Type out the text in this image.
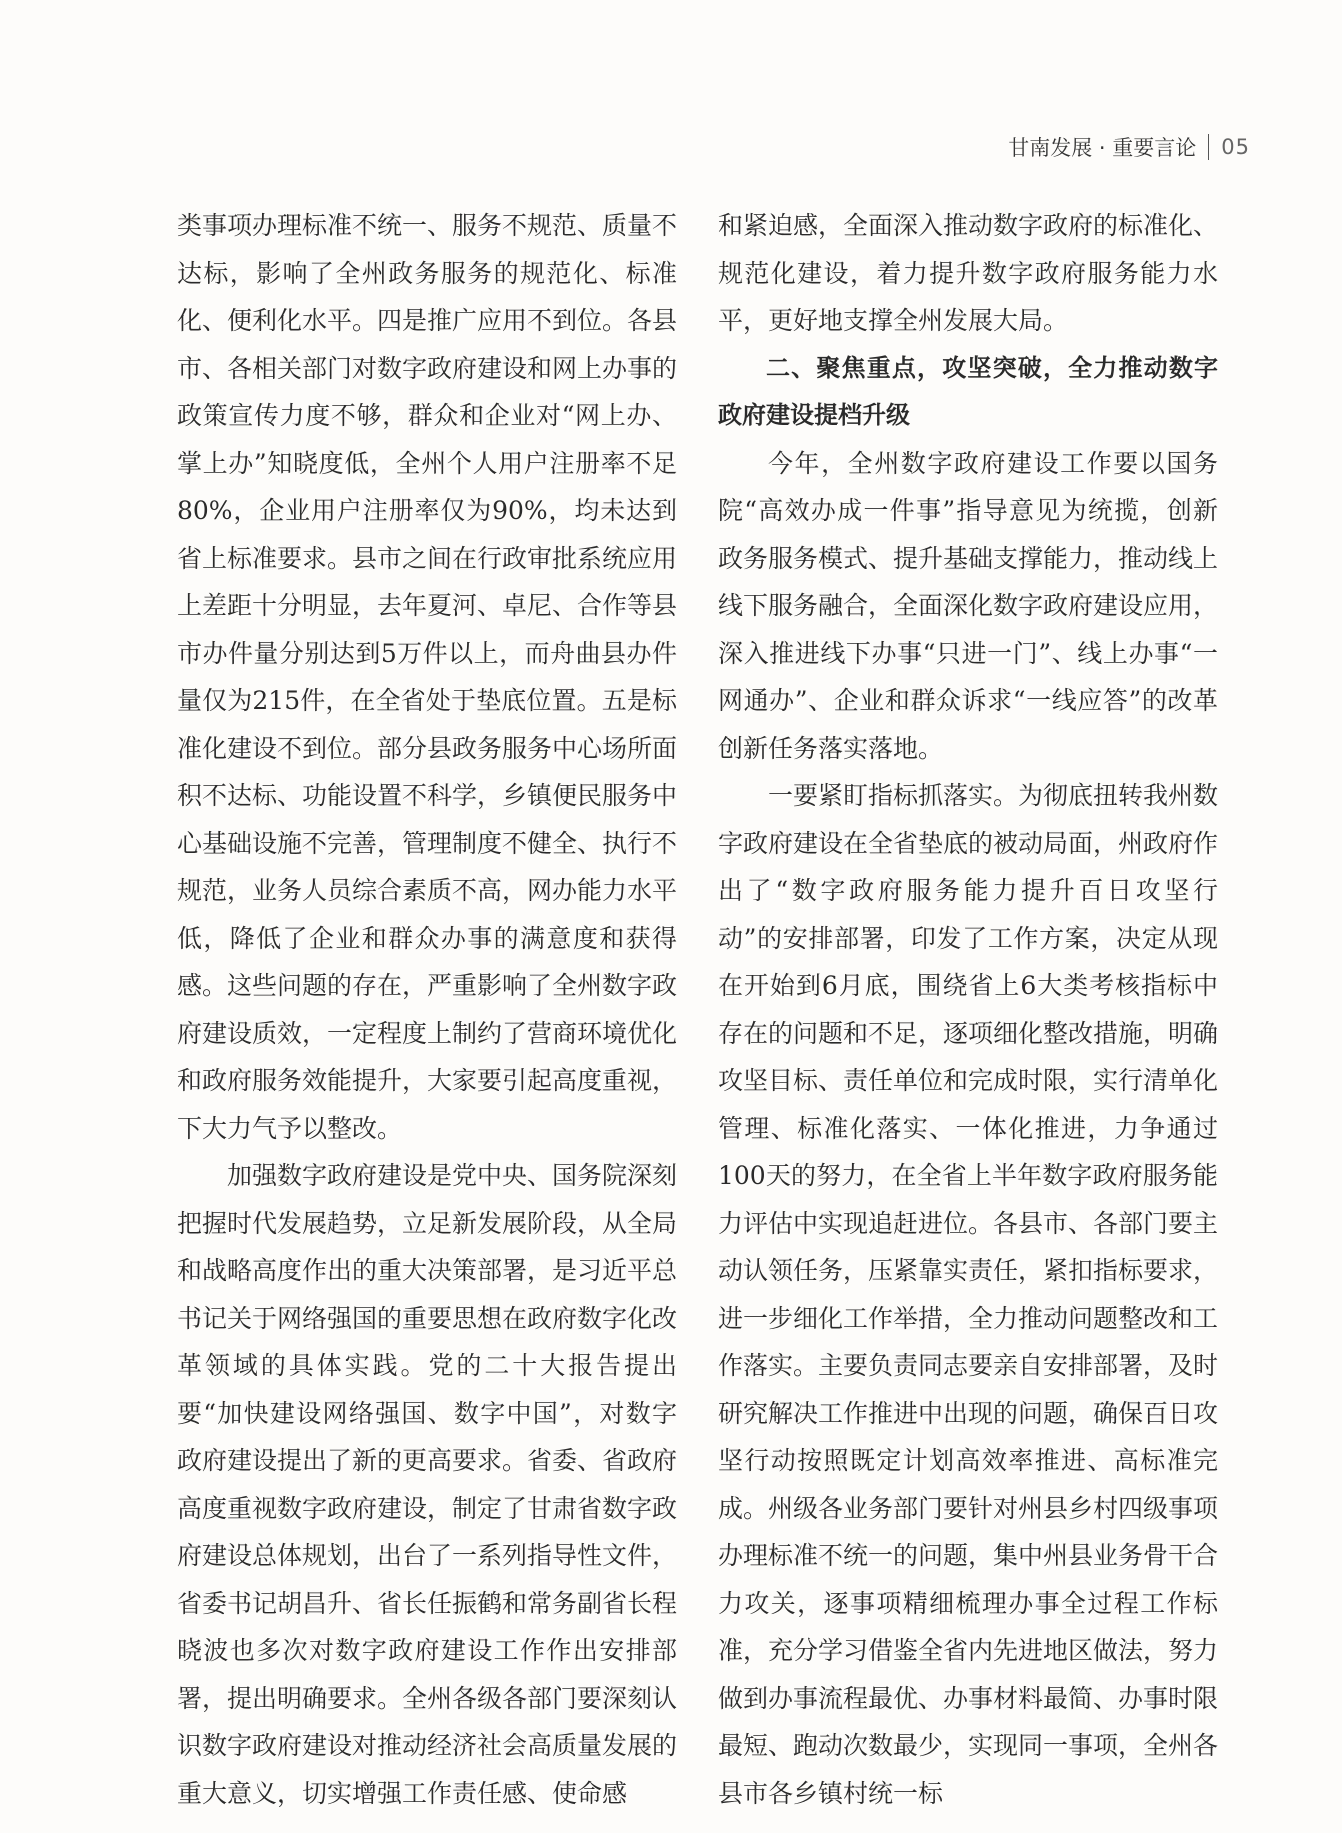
甘南发展 · 重要言论 05

类事项办理标准不统一、服务不规范、质量不达标，影响了全州政务服务的规范化、标准化、便利化水平。四是推广应用不到位。各县市、各相关部门对数字政府建设和网上办事的政策宣传力度不够，群众和企业对“网上办、掌上办”知晓度低，全州个人用户注册率不足80%，企业用户注册率仅为90%，均未达到省上标准要求。县市之间在行政审批系统应用上差距十分明显，去年夏河、卓尼、合作等县市办件量分别达到5万件以上，而舟曲县办件量仅为215件，在全省处于垫底位置。五是标准化建设不到位。部分县政务服务中心场所面积不达标、功能设置不科学，乡镇便民服务中心基础设施不完善，管理制度不健全、执行不规范，业务人员综合素质不高，网办能力水平低，降低了企业和群众办事的满意度和获得感。这些问题的存在，严重影响了全州数字政府建设质效，一定程度上制约了营商环境优化和政府服务效能提升，大家要引起高度重视，下大力气予以整改。

加强数字政府建设是党中央、国务院深刻把握时代发展趋势，立足新发展阶段，从全局和战略高度作出的重大决策部署，是习近平总书记关于网络强国的重要思想在政府数字化改革领域的具体实践。党的二十大报告提出要“加快建设网络强国、数字中国”，对数字政府建设提出了新的更高要求。省委、省政府高度重视数字政府建设，制定了甘肃省数字政府建设总体规划，出台了一系列指导性文件，省委书记胡昌升、省长任振鹤和常务副省长程晓波也多次对数字政府建设工作作出安排部署，提出明确要求。全州各级各部门要深刻认识数字政府建设对推动经济社会高质量发展的重大意义，切实增强工作责任感、使命感

和紧迫感，全面深入推动数字政府的标准化、规范化建设，着力提升数字政府服务能力水平，更好地支撑全州发展大局。

二、聚焦重点，攻坚突破，全力推动数字政府建设提档升级

今年，全州数字政府建设工作要以国务院“高效办成一件事”指导意见为统揽，创新政务服务模式、提升基础支撑能力，推动线上线下服务融合，全面深化数字政府建设应用，深入推进线下办事“只进一门”、线上办事“一网通办”、企业和群众诉求“一线应答”的改革创新任务落实落地。

一要紧盯指标抓落实。为彻底扭转我州数字政府建设在全省垫底的被动局面，州政府作出了“数字政府服务能力提升百日攻坚行动”的安排部署，印发了工作方案，决定从现在开始到6月底，围绕省上6大类考核指标中存在的问题和不足，逐项细化整改措施，明确攻坚目标、责任单位和完成时限，实行清单化管理、标准化落实、一体化推进，力争通过100天的努力，在全省上半年数字政府服务能力评估中实现追赶进位。各县市、各部门要主动认领任务，压紧靠实责任，紧扣指标要求，进一步细化工作举措，全力推动问题整改和工作落实。主要负责同志要亲自安排部署，及时研究解决工作推进中出现的问题，确保百日攻坚行动按照既定计划高效率推进、高标准完成。州级各业务部门要针对州县乡村四级事项办理标准不统一的问题，集中州县业务骨干合力攻关，逐事项精细梳理办事全过程工作标准，充分学习借鉴全省内先进地区做法，努力做到办事流程最优、办事材料最简、办事时限最短、跑动次数最少，实现同一事项，全州各县市各乡镇村统一标
